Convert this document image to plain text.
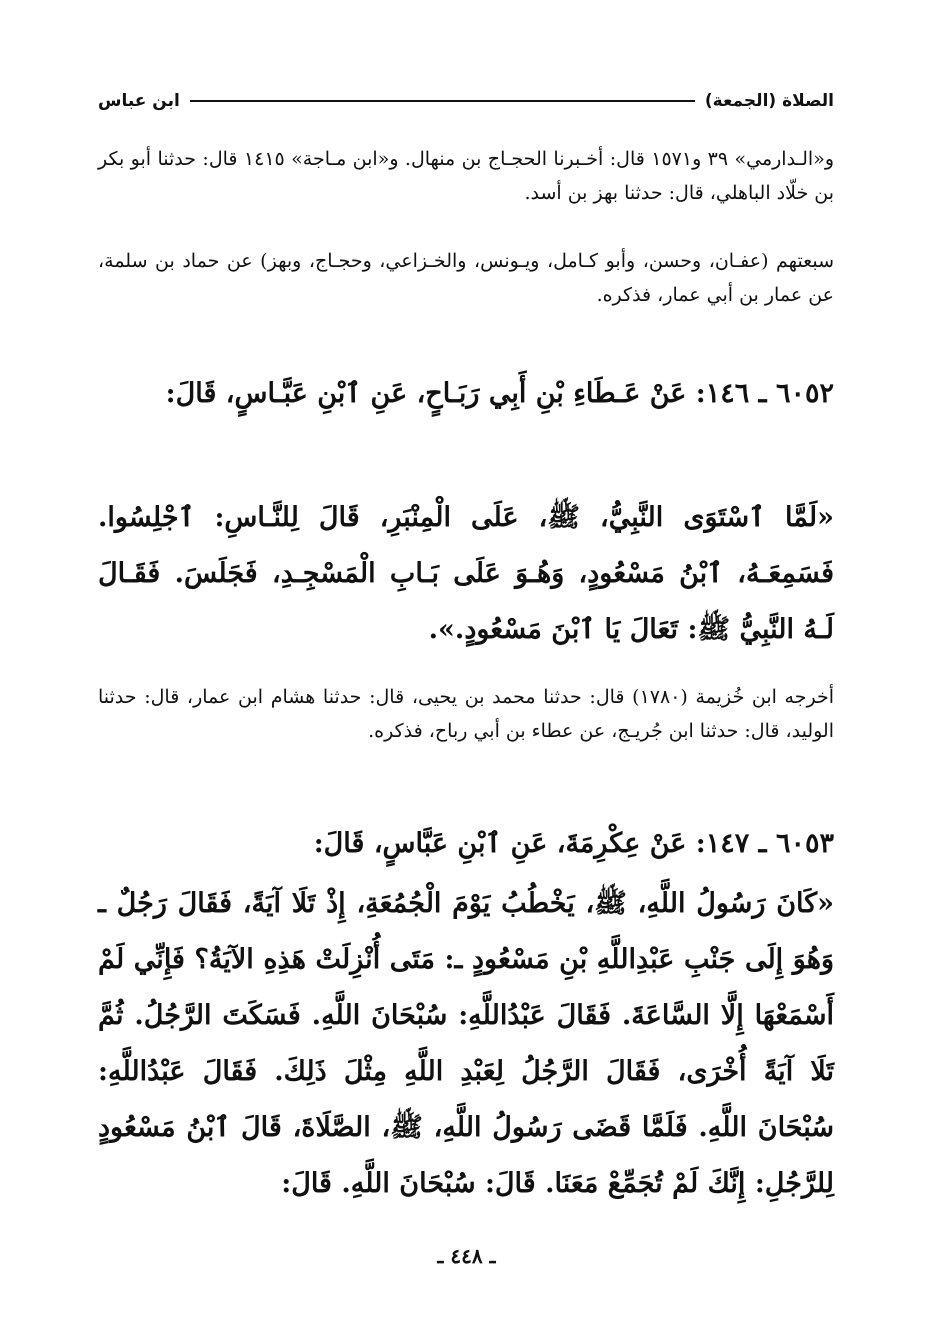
الصلاة (الجمعة)
ابن عباس

و«الـدارمي» ٣٩ و١٥٧١ قال: أخـبرنا الحجـاج بن منهال. و«ابن مـاجة» ١٤١٥ قال: حدثنا أبو بكر بن خلّاد الباهلي، قال: حدثنا بهز بن أسد.

سبعتهم (عفـان، وحسن، وأبو كـامل، ويـونس، والخـزاعي، وحجـاج، وبهز) عن حماد بن سلمة، عن عمار بن أبي عمار، فذكره.

٦٠٥٢ ـ ١٤٦: عَنْ عَـطَاءِ بْنِ أَبِي رَبَـاحٍ، عَنِ ٱبْنِ عَبَّـاسٍ، قَالَ:

«لَمَّا ٱسْتَوَى النَّبِيُّ، ﷺ، عَلَى الْمِنْبَرِ، قَالَ لِلنَّـاسِ: ٱجْلِسُوا. فَسَمِعَـهُ، ٱبْنُ مَسْعُودٍ، وَهُـوَ عَلَى بَـابِ الْمَسْجِـدِ، فَجَلَسَ. فَقَـالَ لَـهُ النَّبِيُّ ﷺ: تَعَالَ يَا ٱبْنَ مَسْعُودٍ.».

أخرجه ابن خُزيمة (١٧٨٠) قال: حدثنا محمد بن يحيى، قال: حدثنا هشام ابن عمار، قال: حدثنا الوليد، قال: حدثنا ابن جُريـج، عن عطاء بن أبي رباح، فذكره.

٦٠٥٣ ـ ١٤٧: عَنْ عِكْرِمَةَ، عَنِ ٱبْنِ عَبَّاسٍ، قَالَ:

«كَانَ رَسُولُ اللَّهِ، ﷺ، يَخْطُبُ يَوْمَ الْجُمُعَةِ، إِذْ تَلَا آيَةً، فَقَالَ رَجُلٌ ـ وَهُوَ إِلَى جَنْبِ عَبْدِاللَّهِ بْنِ مَسْعُودٍ ـ: مَتَى أُنْزِلَتْ هَذِهِ الآيَةُ؟ فَإِنِّي لَمْ أَسْمَعْهَا إِلَّا السَّاعَةَ. فَقَالَ عَبْدُاللَّهِ: سُبْحَانَ اللَّهِ. فَسَكَتَ الرَّجُلُ. ثُمَّ تَلَا آيَةً أُخْرَى، فَقَالَ الرَّجُلُ لِعَبْدِ اللَّهِ مِثْلَ ذَلِكَ. فَقَالَ عَبْدُاللَّهِ: سُبْحَانَ اللَّهِ. فَلَمَّا قَضَى رَسُولُ اللَّهِ، ﷺ، الصَّلَاةَ، قَالَ ٱبْنُ مَسْعُودٍ لِلرَّجُلِ: إِنَّكَ لَمْ تُجَمِّعْ مَعَنَا. قَالَ: سُبْحَانَ اللَّهِ. قَالَ:

ـ ٤٤٨ ـ
